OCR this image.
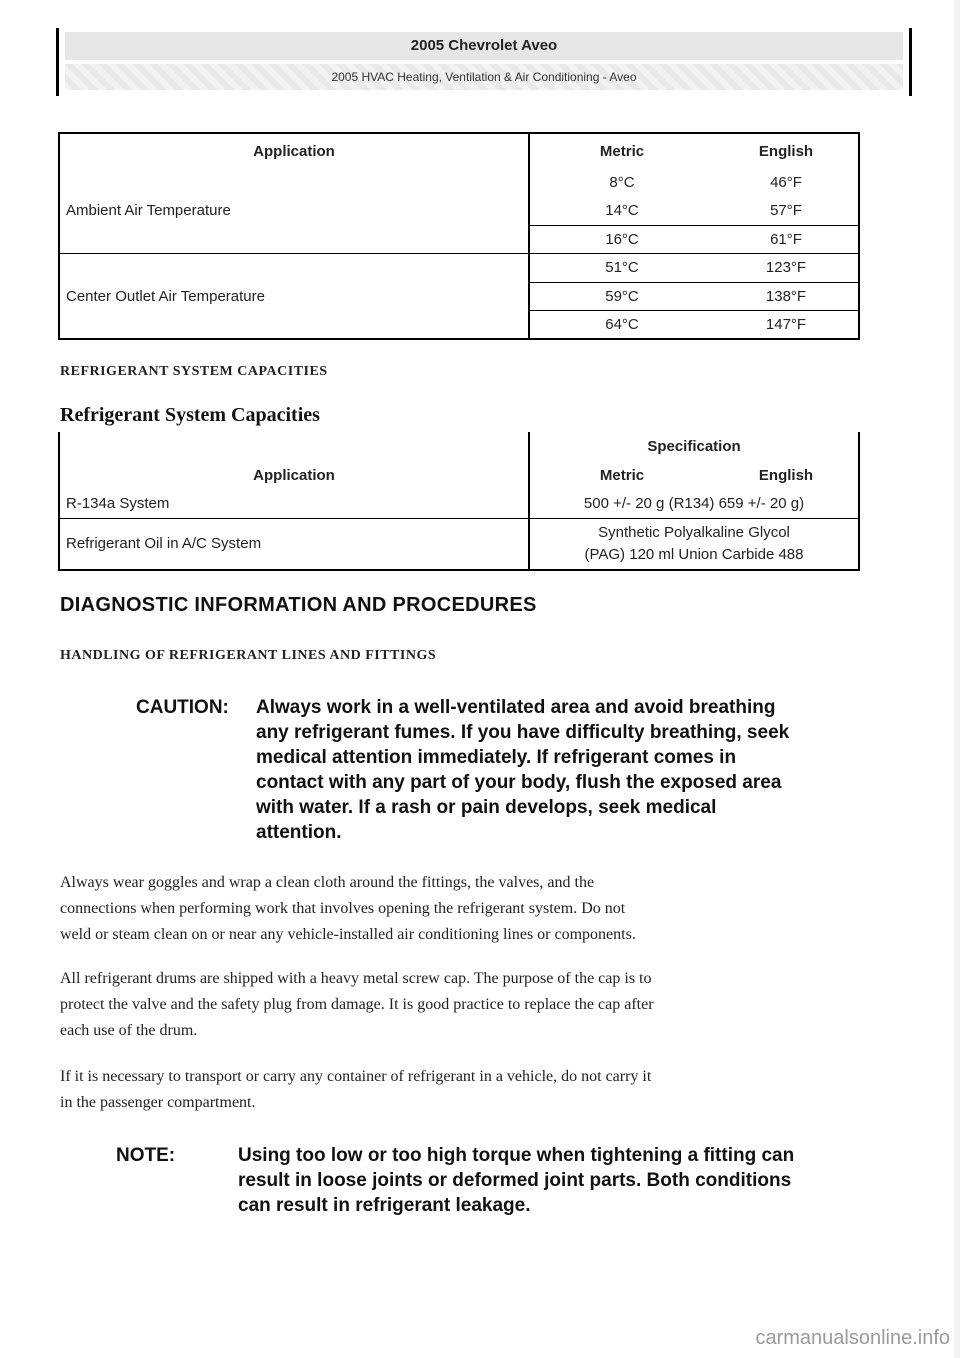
2005 Chevrolet Aveo
2005 HVAC Heating, Ventilation & Air Conditioning - Aveo
Application	Metric	English
Ambient Air Temperature	8°C	46°F
	14°C	57°F
	16°C	61°F
Center Outlet Air Temperature	51°C	123°F
	59°C	138°F
	64°C	147°F
REFRIGERANT SYSTEM CAPACITIES
Refrigerant System Capacities
	Specification	
Application	Metric	English
R-134a System	500 +/- 20 g (R134) 659 +/- 20 g)	
Refrigerant Oil in A/C System	Synthetic Polyalkaline Glycol
(PAG) 120 ml Union Carbide 488	
DIAGNOSTIC INFORMATION AND PROCEDURES
HANDLING OF REFRIGERANT LINES AND FITTINGS
CAUTION: Always work in a well-ventilated area and avoid breathing
any refrigerant fumes. If you have difficulty breathing, seek
medical attention immediately. If refrigerant comes in
contact with any part of your body, flush the exposed area
with water. If a rash or pain develops, seek medical
attention.
Always wear goggles and wrap a clean cloth around the fittings, the valves, and the
connections when performing work that involves opening the refrigerant system. Do not
weld or steam clean on or near any vehicle-installed air conditioning lines or components.
All refrigerant drums are shipped with a heavy metal screw cap. The purpose of the cap is to
protect the valve and the safety plug from damage. It is good practice to replace the cap after
each use of the drum.
If it is necessary to transport or carry any container of refrigerant in a vehicle, do not carry it
in the passenger compartment.
NOTE:	Using too low or too high torque when tightening a fitting can
result in loose joints or deformed joint parts. Both conditions
can result in refrigerant leakage.
carmanualsonline.info
